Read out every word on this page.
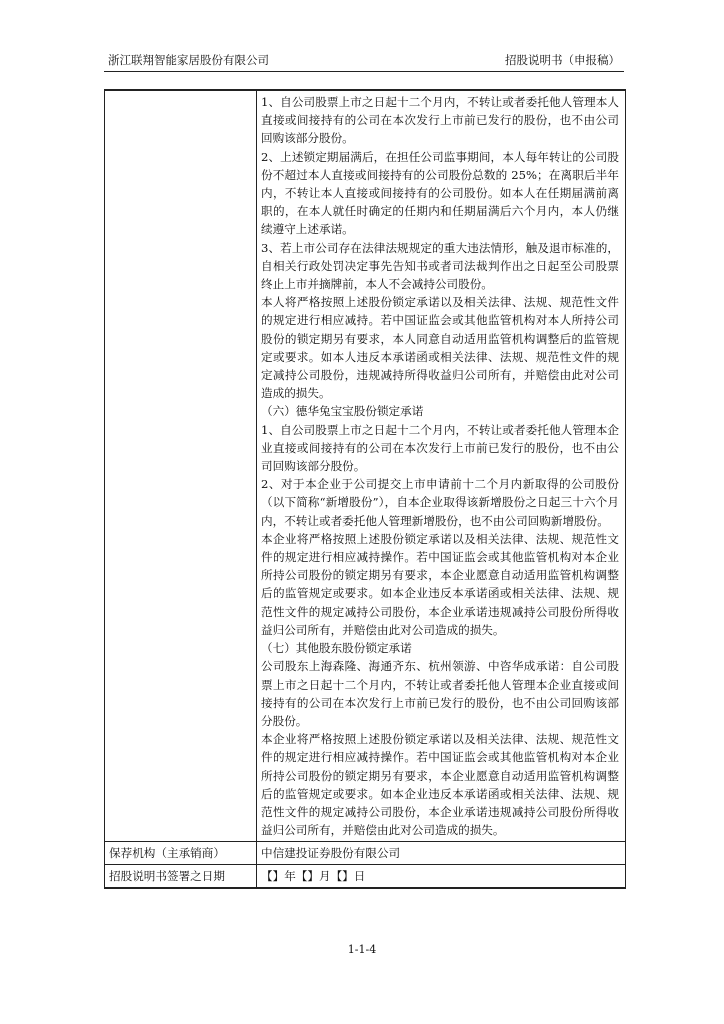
浙江联翔智能家居股份有限公司	招股说明书（申报稿）

1、自公司股票上市之日起十二个月内，不转让或者委托他人管理本人直接或间接持有的公司在本次发行上市前已发行的股份，也不由公司回购该部分股份。

2、上述锁定期届满后，在担任公司监事期间，本人每年转让的公司股份不超过本人直接或间接持有的公司股份总数的 25%；在离职后半年内，不转让本人直接或间接持有的公司股份。如本人在任期届满前离职的，在本人就任时确定的任期内和任期届满后六个月内，本人仍继续遵守上述承诺。

3、若上市公司存在法律法规规定的重大违法情形，触及退市标准的，自相关行政处罚决定事先告知书或者司法裁判作出之日起至公司股票终止上市并摘牌前，本人不会减持公司股份。

本人将严格按照上述股份锁定承诺以及相关法律、法规、规范性文件的规定进行相应减持。若中国证监会或其他监管机构对本人所持公司股份的锁定期另有要求，本人同意自动适用监管机构调整后的监管规定或要求。如本人违反本承诺函或相关法律、法规、规范性文件的规定减持公司股份，违规减持所得收益归公司所有，并赔偿由此对公司造成的损失。

（六）德华兔宝宝股份锁定承诺

1、自公司股票上市之日起十二个月内，不转让或者委托他人管理本企业直接或间接持有的公司在本次发行上市前已发行的股份，也不由公司回购该部分股份。

2、对于本企业于公司提交上市申请前十二个月内新取得的公司股份（以下简称“新增股份”），自本企业取得该新增股份之日起三十六个月内，不转让或者委托他人管理新增股份，也不由公司回购新增股份。

本企业将严格按照上述股份锁定承诺以及相关法律、法规、规范性文件的规定进行相应减持操作。若中国证监会或其他监管机构对本企业所持公司股份的锁定期另有要求，本企业愿意自动适用监管机构调整后的监管规定或要求。如本企业违反本承诺函或相关法律、法规、规范性文件的规定减持公司股份，本企业承诺违规减持公司股份所得收益归公司所有，并赔偿由此对公司造成的损失。

（七）其他股东股份锁定承诺

公司股东上海森隆、海通齐东、杭州领游、中咨华成承诺：自公司股票上市之日起十二个月内，不转让或者委托他人管理本企业直接或间接持有的公司在本次发行上市前已发行的股份，也不由公司回购该部分股份。

本企业将严格按照上述股份锁定承诺以及相关法律、法规、规范性文件的规定进行相应减持操作。若中国证监会或其他监管机构对本企业所持公司股份的锁定期另有要求，本企业愿意自动适用监管机构调整后的监管规定或要求。如本企业违反本承诺函或相关法律、法规、规范性文件的规定减持公司股份，本企业承诺违规减持公司股份所得收益归公司所有，并赔偿由此对公司造成的损失。

保荐机构（主承销商）	中信建投证券股份有限公司
招股说明书签署之日期	【】年【】月【】日
1-1-4
